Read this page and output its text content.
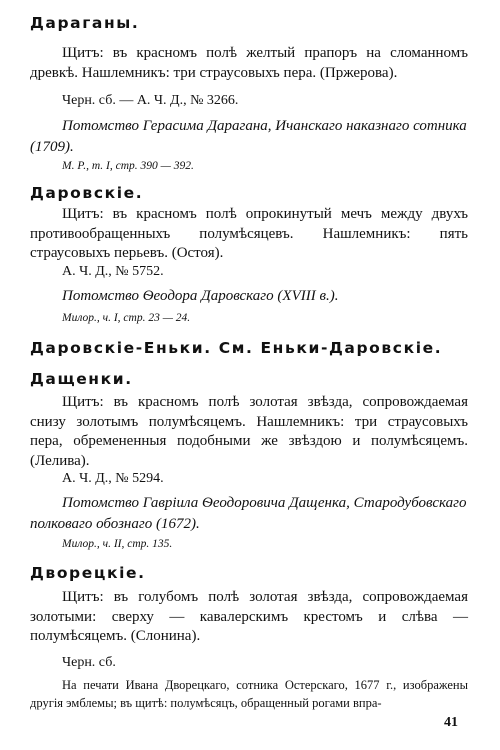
Дараганы.
Щитъ: въ красномъ полѣ желтый прапоръ на сломанномъ древкѣ. Нашлемникъ: три страусовыхъ пера. (Пржерова).
Черн. сб. — А. Ч. Д., № 3266.
Потомство Герасима Дарагана, Ичанскаго наказнаго сотника (1709).
М. Р., т. I, стр. 390 — 392.
Даровскіе.
Щитъ: въ красномъ полѣ опрокинутый мечъ между двухъ противообращенныхъ полумѣсяцевъ. Нашлемникъ: пять страусовыхъ перьевъ. (Остоя).
А. Ч. Д., № 5752.
Потомство Ѳеодора Даровскаго (XVIII в.).
Милор., ч. I, стр. 23 — 24.
Даровскіе-Еньки. См. Еньки-Даровскіе.
Дащенки.
Щитъ: въ красномъ полѣ золотая звѣзда, сопровождаемая снизу золотымъ полумѣсяцемъ. Нашлемникъ: три страусовыхъ пера, обремененныя подобными же звѣздою и полумѣсяцемъ. (Лелива).
А. Ч. Д., № 5294.
Потомство Гавріила Ѳеодоровича Дащенка, Стародубовскаго полковаго обознаго (1672).
Милор., ч. II, стр. 135.
Дворецкіе.
Щитъ: въ голубомъ полѣ золотая звѣзда, сопровождаемая золотыми: сверху — кавалерскимъ крестомъ и слѣва — полумѣсяцемъ. (Слонина).
Черн. сб.
На печати Ивана Дворецкаго, сотника Остерскаго, 1677 г., изображены другія эмблемы; въ щитѣ: полумѣсяцъ, обращенный рогами впра-
41
